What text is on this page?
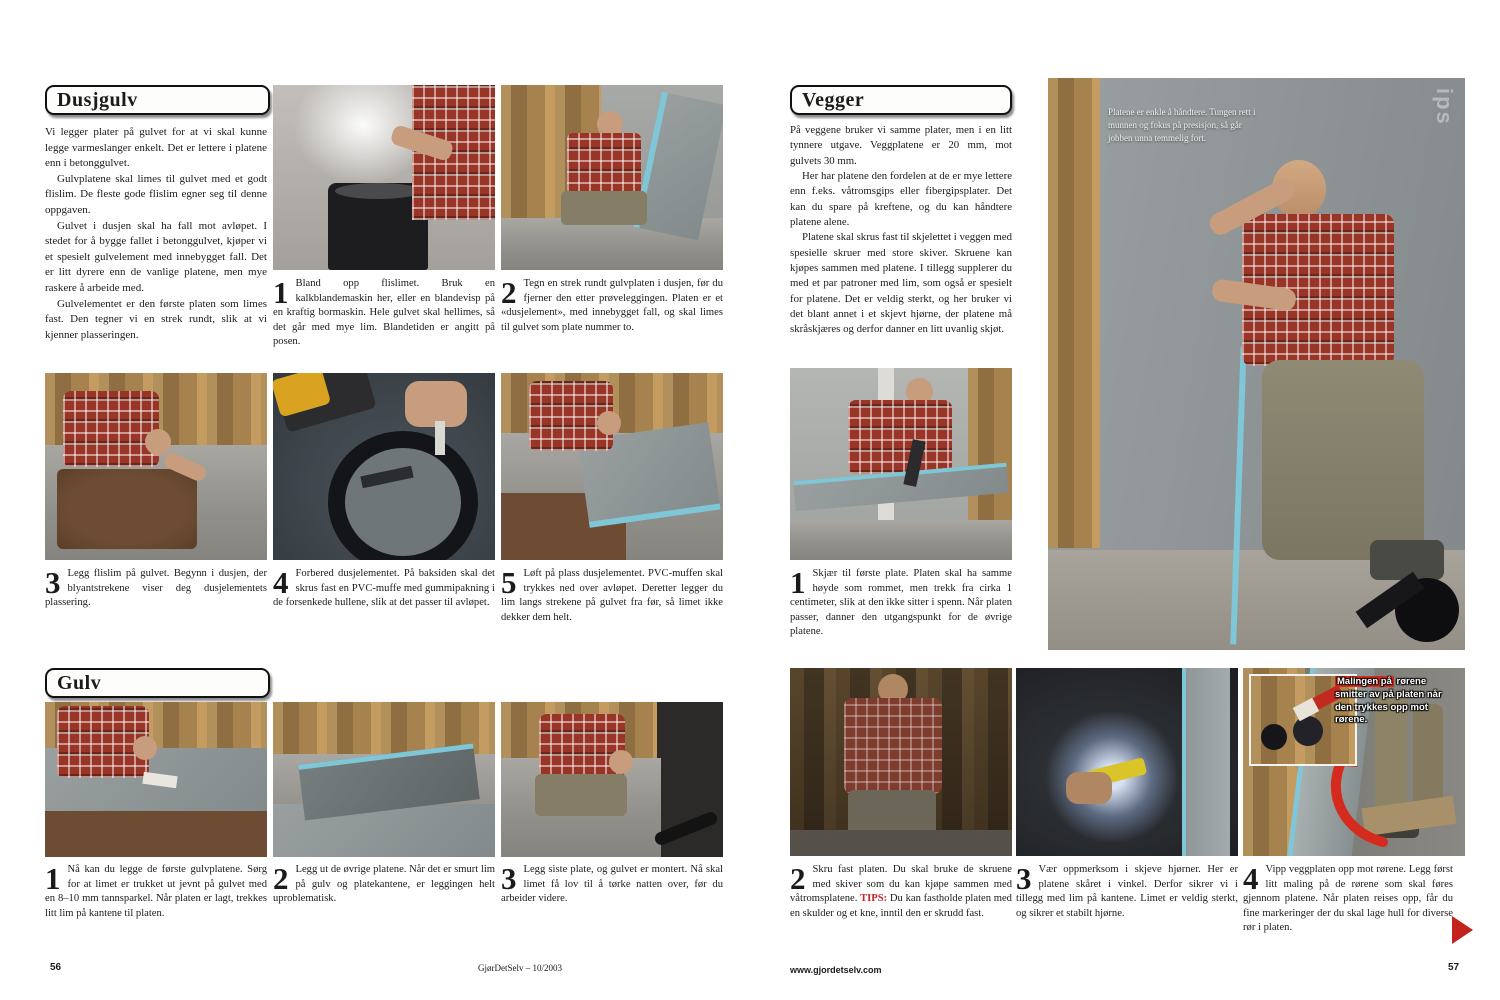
Dusjgulv

Vi legger plater på gulvet for at vi skal kunne legge varmeslanger enkelt. Det er lettere i platene enn i betonggulvet.

Gulvplatene skal limes til gulvet med et godt flislim. De fleste gode flislim egner seg til denne oppgaven.

Gulvet i dusjen skal ha fall mot avløpet. I stedet for å bygge fallet i betonggulvet, kjøper vi et spesielt gulvelement med innebygget fall. Det er litt dyrere enn de vanlige platene, men mye raskere å arbeide med.

Gulvelementet er den første platen som limes fast. Den tegner vi en strek rundt, slik at vi kjenner plasseringen.

1 Bland opp flislimet. Bruk en kalkblandemaskin her, eller en blandevisp på en kraftig bormaskin. Hele gulvet skal hellimes, så det går med mye lim. Blandetiden er angitt på posen.
2 Tegn en strek rundt gulvplaten i dusjen, før du fjerner den etter prøveleggingen. Platen er et «dusjelement», med innebygget fall, og skal limes til gulvet som plate nummer to.
3 Legg flislim på gulvet. Begynn i dusjen, der blyantstrekene viser deg dusjelementets plassering.
4 Forbered dusjelementet. På baksiden skal det skrus fast en PVC-muffe med gummipakning i de forsenkede hullene, slik at det passer til avløpet.
5 Løft på plass dusjelementet. PVC-muffen skal trykkes ned over avløpet. Deretter legger du lim langs strekene på gulvet fra før, så limet ikke dekker dem helt.
Gulv
1 Nå kan du legge de første gulvplatene. Sørg for at limet er trukket ut jevnt på gulvet med en 8–10 mm tannsparkel. Når platen er lagt, trekkes litt lim på kantene til platen.
2 Legg ut de øvrige platene. Når det er smurt lim på gulv og platekantene, er leggingen helt uproblematisk.
3 Legg siste plate, og gulvet er montert. Nå skal limet få lov til å tørke natten over, før du arbeider videre.
56	GjørDetSelv – 10/2003
Vegger

På veggene bruker vi samme plater, men i en litt tynnere utgave. Veggplatene er 20 mm, mot gulvets 30 mm.

Her har platene den fordelen at de er mye lettere enn f.eks. våtromsgips eller fibergipsplater. Det kan du spare på kreftene, og du kan håndtere platene alene.

Platene skal skrus fast til skjelettet i veggen med spesielle skruer med store skiver. Skruene kan kjøpes sammen med platene. I tillegg supplerer du med et par patroner med lim, som også er spesielt for platene. Det er veldig sterkt, og her bruker vi det blant annet i et skjevt hjørne, der platene må skråskjæres og derfor danner en litt uvanlig skjøt.

ips
Platene er enkle å håndtere. Tungen rett i munnen og fokus på presisjon, så går jobben unna temmelig fort.
1 Skjær til første plate. Platen skal ha samme høyde som rommet, men trekk fra cirka 1 centimeter, slik at den ikke sitter i spenn. Når platen passer, danner den utgangspunkt for de øvrige platene.
Malingen på rørene smitter av på platen når den trykkes opp mot rørene.
2 Skru fast platen. Du skal bruke de skruene med skiver som du kan kjøpe sammen med våtromsplatene. TIPS: Du kan fastholde platen med en skulder og et kne, inntil den er skrudd fast.
3 Vær oppmerksom i skjeve hjørner. Her er platene skåret i vinkel. Derfor sikrer vi i tillegg med lim på kantene. Limet er veldig sterkt, og sikrer et stabilt hjørne.
4 Vipp veggplaten opp mot rørene. Legg først litt maling på de rørene som skal føres gjennom platene. Når platen reises opp, får du fine markeringer der du skal lage hull for diverse rør i platen.
www.gjordetselv.com	57
